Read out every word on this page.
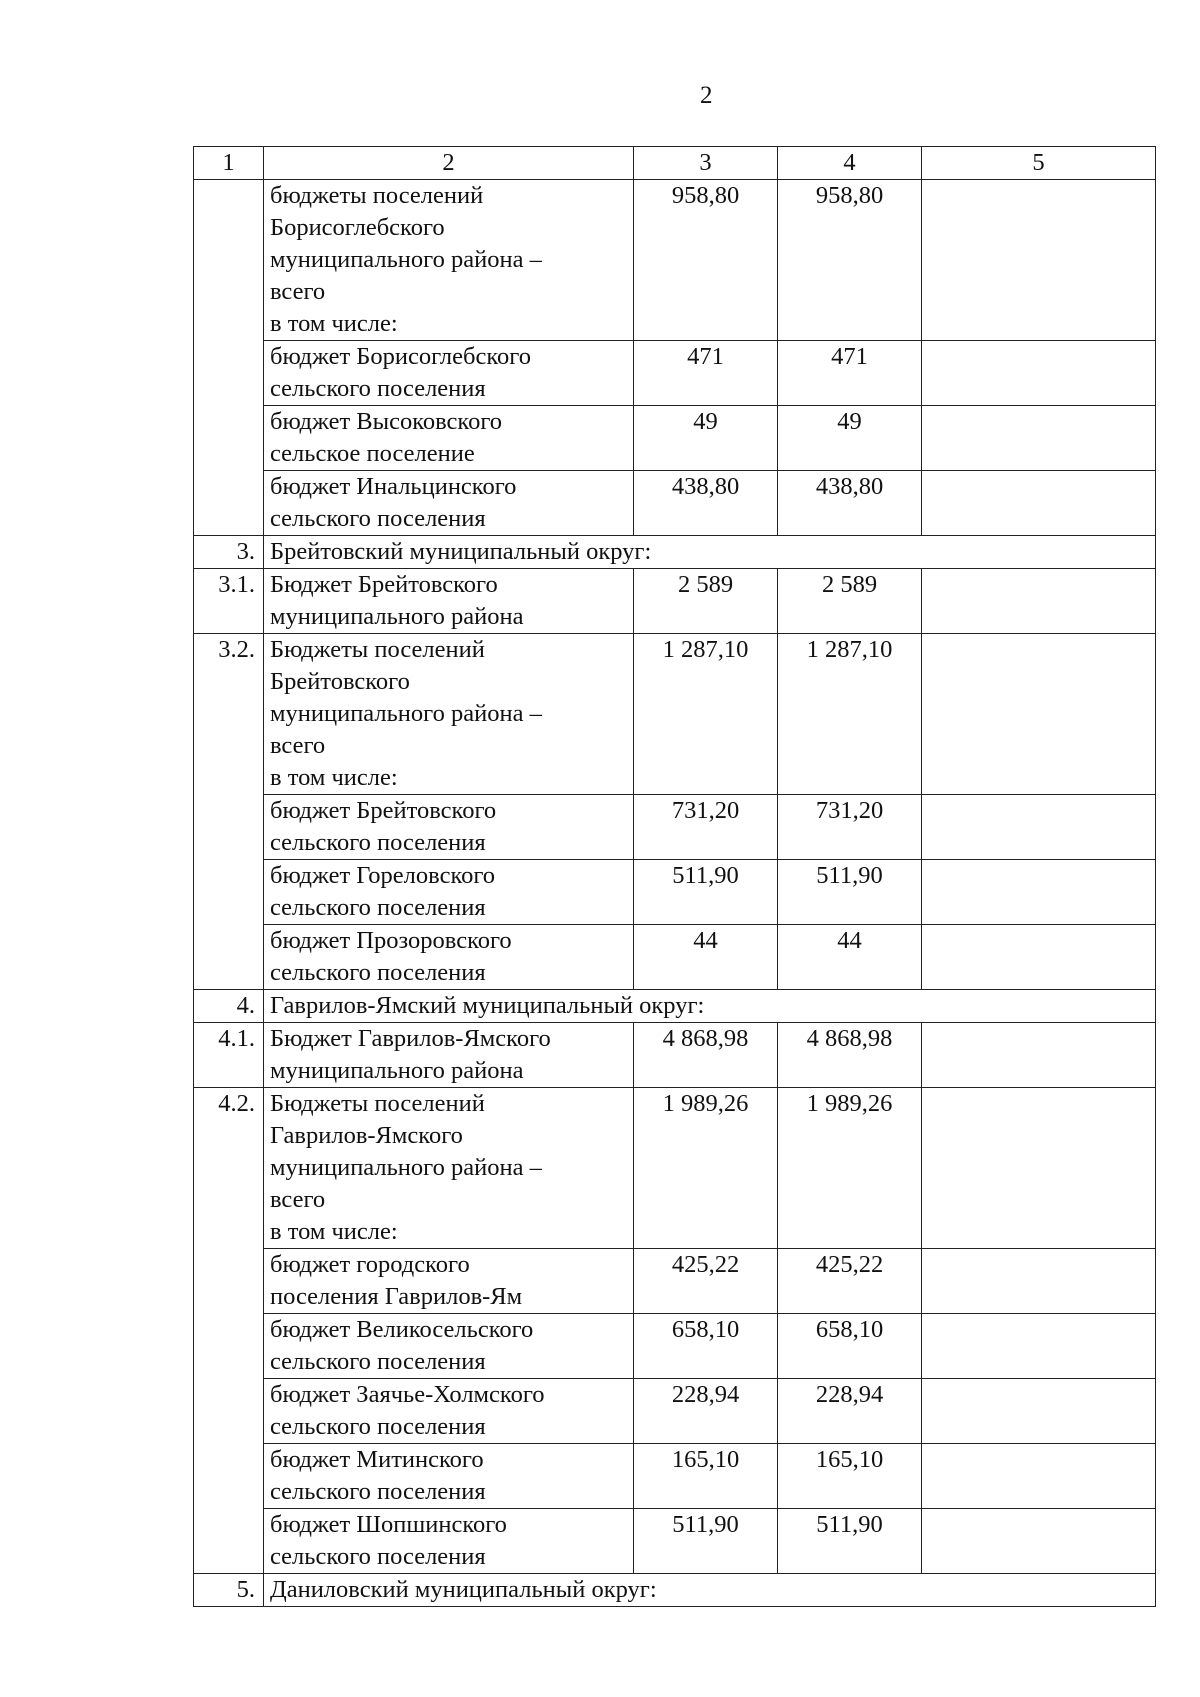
2
1	2	3	4	5

	бюджеты поселений
Борисоглебского
муниципального района –
всего
в том числе:	958,80	958,80	

	бюджет Борисоглебского
сельского поселения	471	471	

	бюджет Высоковского
сельское поселение	49	49	

	бюджет Инальцинского
сельского поселения	438,80	438,80	
3.	Брейтовский муниципальный округ:			
3.1.	Бюджет Брейтовского
муниципального района	2 589	2 589	
3.2.	Бюджеты поселений
Брейтовского
муниципального района –
всего
в том числе:	1 287,10	1 287,10	

	бюджет Брейтовского
сельского поселения	731,20	731,20	

	бюджет Гореловского
сельского поселения	511,90	511,90	

	бюджет Прозоровского
сельского поселения	44	44	
4.	Гаврилов-Ямский муниципальный округ:			
4.1.	Бюджет Гаврилов-Ямского
муниципального района	4 868,98	4 868,98	
4.2.	Бюджеты поселений
Гаврилов-Ямского
муниципального района –
всего
в том числе:	1 989,26	1 989,26	

	бюджет городского
поселения Гаврилов-Ям	425,22	425,22	

	бюджет Великосельского
сельского поселения	658,10	658,10	

	бюджет Заячье-Холмского
сельского поселения	228,94	228,94	

	бюджет Митинского
сельского поселения	165,10	165,10	

	бюджет Шопшинского
сельского поселения	511,90	511,90	
5.	Даниловский муниципальный округ:			
